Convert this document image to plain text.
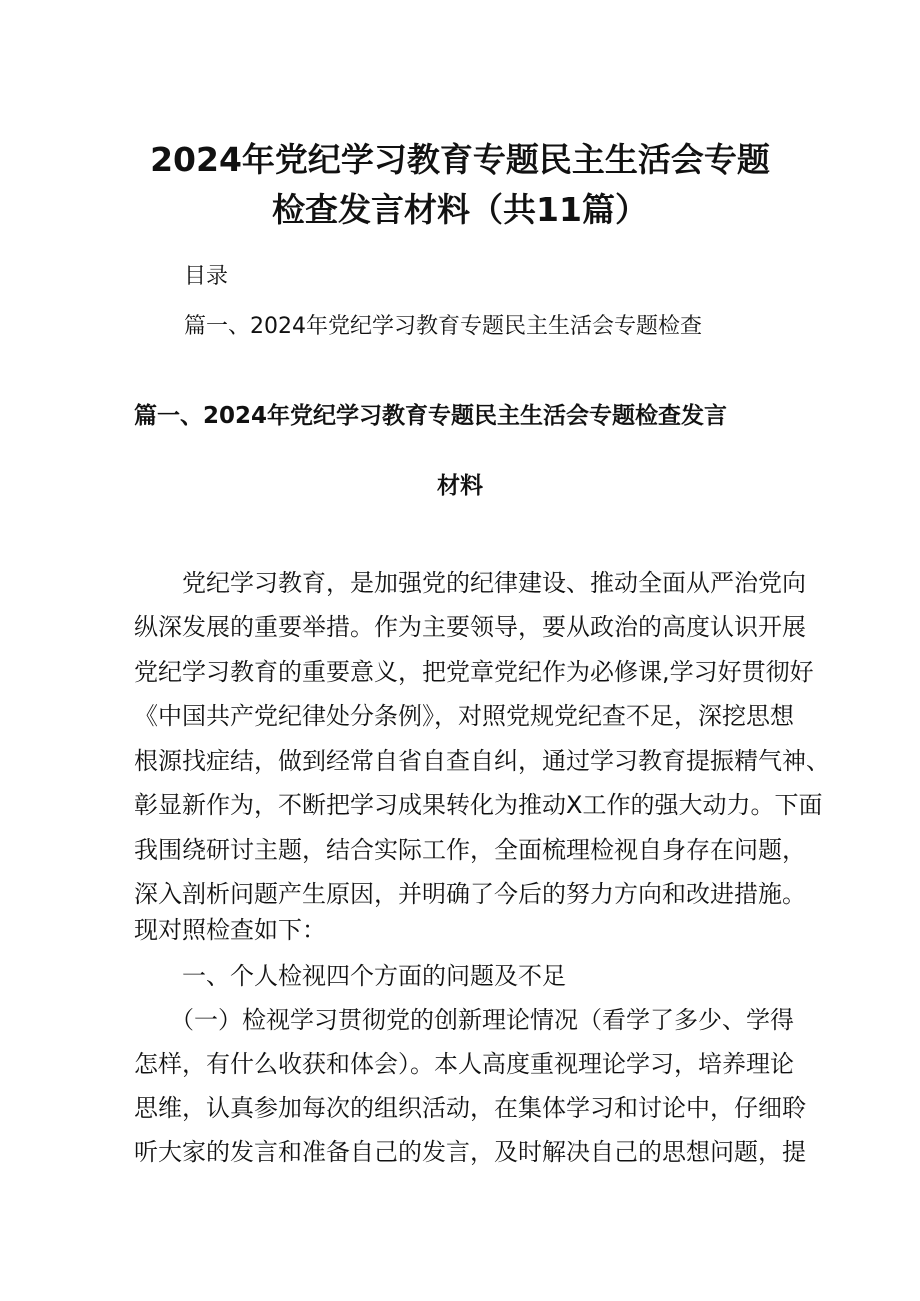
2024年党纪学习教育专题民主生活会专题
检查发言材料（共11篇）
目录
篇一、2024年党纪学习教育专题民主生活会专题检查
篇一、2024年党纪学习教育专题民主生活会专题检查发言
材料
　　党纪学习教育，是加强党的纪律建设、推动全面从严治党向
纵深发展的重要举措。作为主要领导，要从政治的高度认识开展
党纪学习教育的重要意义，把党章党纪作为必修课,学习好贯彻好
《中国共产党纪律处分条例》，对照党规党纪查不足，深挖思想
根源找症结，做到经常自省自查自纠，通过学习教育提振精气神、
彰显新作为，不断把学习成果转化为推动X工作的强大动力。下面
我围绕研讨主题，结合实际工作，全面梳理检视自身存在问题，
深入剖析问题产生原因，并明确了今后的努力方向和改进措施。
现对照检查如下：
　　一、个人检视四个方面的问题及不足
　　（一）检视学习贯彻党的创新理论情况（看学了多少、学得
怎样，有什么收获和体会）。本人高度重视理论学习，培养理论
思维，认真参加每次的组织活动，在集体学习和讨论中，仔细聆
听大家的发言和准备自己的发言，及时解决自己的思想问题，提
